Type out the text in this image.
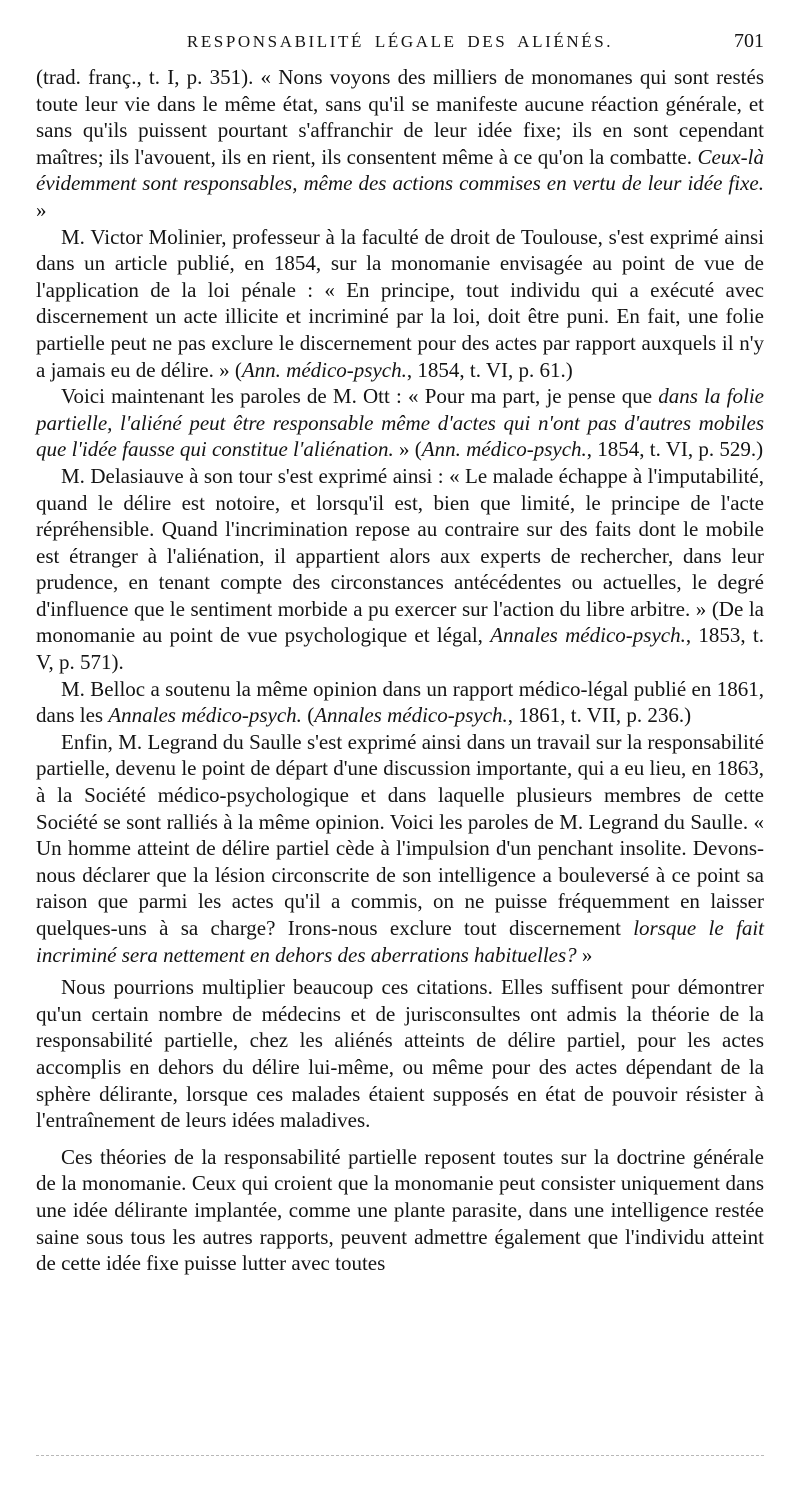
RESPONSABILITÉ LÉGALE DES ALIÉNÉS.	701

(trad. franç., t. I, p. 351). « Nons voyons des milliers de monomanes qui sont restés toute leur vie dans le même état, sans qu'il se manifeste aucune réaction générale, et sans qu'ils puissent pourtant s'affranchir de leur idée fixe; ils en sont cependant maîtres; ils l'avouent, ils en rient, ils consentent même à ce qu'on la combatte. Ceux-là évidemment sont responsables, même des actions commises en vertu de leur idée fixe. »

M. Victor Molinier, professeur à la faculté de droit de Toulouse, s'est exprimé ainsi dans un article publié, en 1854, sur la monomanie envisagée au point de vue de l'application de la loi pénale : « En principe, tout individu qui a exécuté avec discernement un acte illicite et incriminé par la loi, doit être puni. En fait, une folie partielle peut ne pas exclure le discernement pour des actes par rapport auxquels il n'y a jamais eu de délire. » (Ann. médico-psych., 1854, t. VI, p. 61.)

Voici maintenant les paroles de M. Ott : « Pour ma part, je pense que dans la folie partielle, l'aliéné peut être responsable même d'actes qui n'ont pas d'autres mobiles que l'idée fausse qui constitue l'aliénation. » (Ann. médico-psych., 1854, t. VI, p. 529.)

M. Delasiauve à son tour s'est exprimé ainsi : « Le malade échappe à l'imputabilité, quand le délire est notoire, et lorsqu'il est, bien que limité, le principe de l'acte répréhensible. Quand l'incrimination repose au contraire sur des faits dont le mobile est étranger à l'aliénation, il appartient alors aux experts de rechercher, dans leur prudence, en tenant compte des circonstances antécédentes ou actuelles, le degré d'influence que le sentiment morbide a pu exercer sur l'action du libre arbitre. » (De la monomanie au point de vue psychologique et légal, Annales médico-psych., 1853, t. V, p. 571).

M. Belloc a soutenu la même opinion dans un rapport médico-légal publié en 1861, dans les Annales médico-psych. (Annales médico-psych., 1861, t. VII, p. 236.)

Enfin, M. Legrand du Saulle s'est exprimé ainsi dans un travail sur la responsabilité partielle, devenu le point de départ d'une discussion importante, qui a eu lieu, en 1863, à la Société médico-psychologique et dans laquelle plusieurs membres de cette Société se sont ralliés à la même opinion. Voici les paroles de M. Legrand du Saulle. « Un homme atteint de délire partiel cède à l'impulsion d'un penchant insolite. Devons-nous déclarer que la lésion circonscrite de son intelligence a bouleversé à ce point sa raison que parmi les actes qu'il a commis, on ne puisse fréquemment en laisser quelques-uns à sa charge? Irons-nous exclure tout discernement lorsque le fait incriminé sera nettement en dehors des aberrations habituelles? »

Nous pourrions multiplier beaucoup ces citations. Elles suffisent pour démontrer qu'un certain nombre de médecins et de jurisconsultes ont admis la théorie de la responsabilité partielle, chez les aliénés atteints de délire partiel, pour les actes accomplis en dehors du délire lui-même, ou même pour des actes dépendant de la sphère délirante, lorsque ces malades étaient supposés en état de pouvoir résister à l'entraînement de leurs idées maladives.

Ces théories de la responsabilité partielle reposent toutes sur la doctrine générale de la monomanie. Ceux qui croient que la monomanie peut consister uniquement dans une idée délirante implantée, comme une plante parasite, dans une intelligence restée saine sous tous les autres rapports, peuvent admettre également que l'individu atteint de cette idée fixe puisse lutter avec toutes
